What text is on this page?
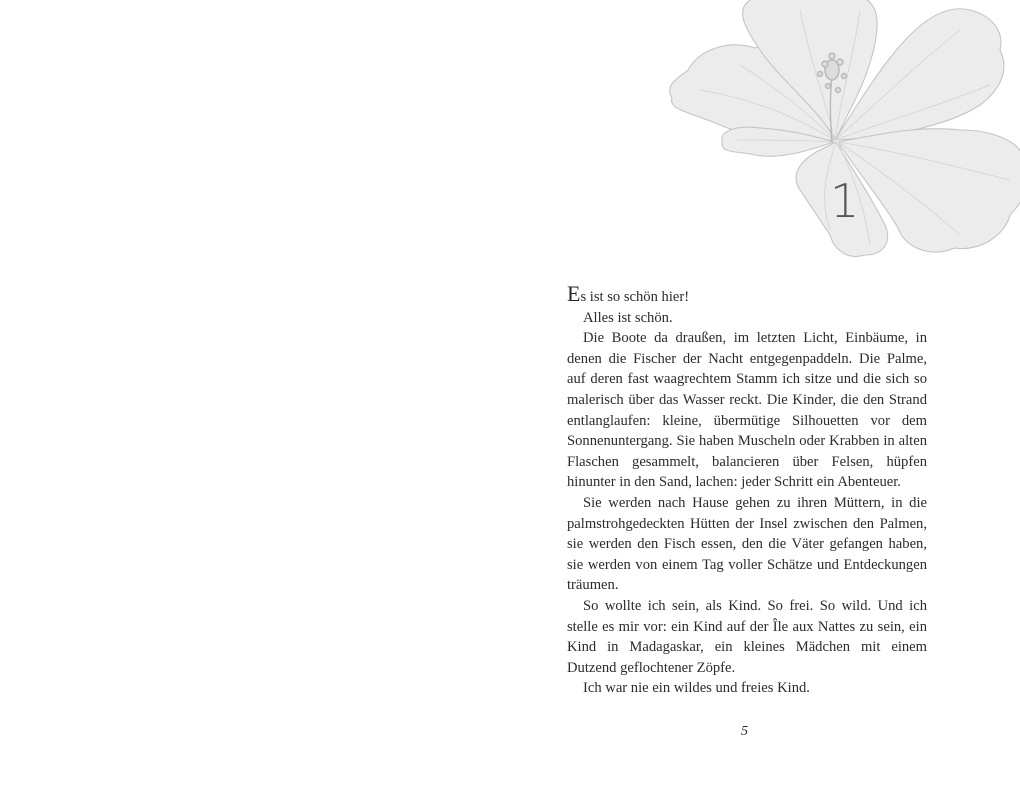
1

Es ist so schön hier!

Alles ist schön.

Die Boote da draußen, im letzten Licht, Einbäume, in denen die Fischer der Nacht entgegenpaddeln. Die Palme, auf deren fast waagrechtem Stamm ich sitze und die sich so malerisch über das Wasser reckt. Die Kinder, die den Strand entlanglaufen: kleine, übermütige Silhouetten vor dem Sonnenuntergang. Sie haben Muscheln oder Krabben in alten Flaschen gesammelt, balancieren über Felsen, hüpfen hinunter in den Sand, lachen: jeder Schritt ein Abenteuer.

Sie werden nach Hause gehen zu ihren Müttern, in die palmstrohgedeckten Hütten der Insel zwischen den Palmen, sie werden den Fisch essen, den die Väter gefangen haben, sie werden von einem Tag voller Schätze und Entdeckungen träumen.

So wollte ich sein, als Kind. So frei. So wild. Und ich stelle es mir vor: ein Kind auf der Île aux Nattes zu sein, ein Kind in Madagaskar, ein kleines Mädchen mit einem Dutzend geflochtener Zöpfe.

Ich war nie ein wildes und freies Kind.

5
